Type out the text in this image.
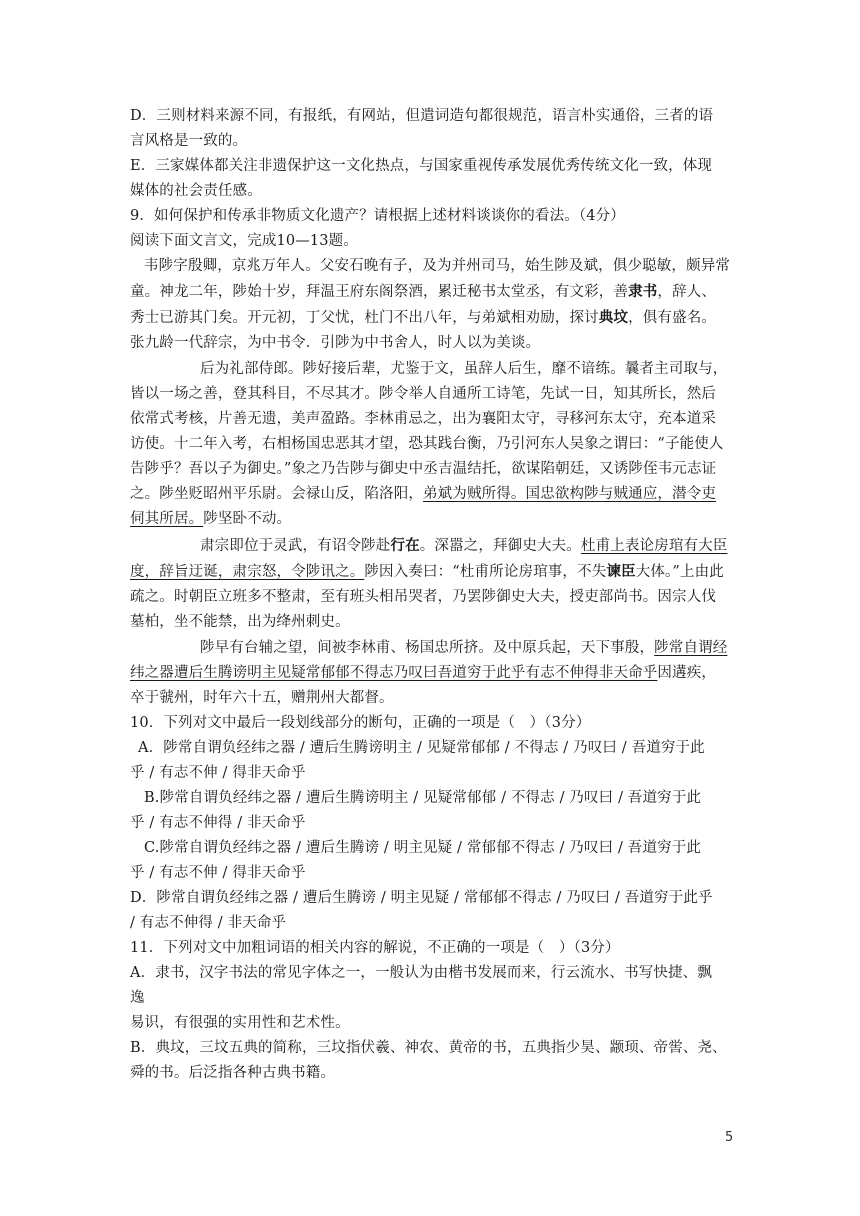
D．三则材料来源不同，有报纸，有网站，但遣词造句都很规范，语言朴实通俗，三者的语

言风格是一致的。

E．三家媒体都关注非遗保护这一文化热点，与国家重视传承发展优秀传统文化一致，体现

媒体的社会责任感。

9．如何保护和传承非物质文化遗产？请根据上述材料谈谈你的看法。（4分）

阅读下面文言文，完成10—13题。

韦陟字殷卿，京兆万年人。父安石晚有子，及为并州司马，始生陟及斌，俱少聪敏，颇异常童。神龙二年，陟始十岁，拜温王府东阁祭酒，累迁秘书太堂丞，有文彩，善隶书，辞人、秀士已游其门矣。开元初，丁父忧，杜门不出八年，与弟斌相劝励，探讨典坟，俱有盛名。张九龄一代辞宗，为中书令．引陟为中书舍人，时人以为美谈。

后为礼部侍郎。陟好接后辈，尤鉴于文，虽辞人后生，靡不谙练。曩者主司取与，皆以一场之善，登其科目，不尽其才。陟令举人自通所工诗笔，先试一日，知其所长，然后依常式考核，片善无遗，美声盈路。李林甫忌之，出为襄阳太守，寻移河东太守，充本道采访使。十二年入考，右相杨国忠恶其才望，恐其践台衡，乃引河东人吴象之谓曰：“子能使人告陟乎？吾以子为御史。”象之乃告陟与御史中丞吉温结托，欲谋陷朝廷，又诱陟侄韦元志证之。陟坐贬昭州平乐尉。会禄山反，陷洛阳，弟斌为贼所得。国忠欲构陟与贼通应，潜令吏伺其所居。陟坚卧不动。

肃宗即位于灵武，有诏令陟赴行在。深嚣之，拜御史大夫。杜甫上表论房琯有大臣度，辞旨迂诞，肃宗怒，令陟讯之。陟因入奏曰：“杜甫所论房琯事，不失谏臣大体。”上由此疏之。时朝臣立班多不整肃，至有班头相吊哭者，乃罢陟御史大夫，授吏部尚书。因宗人伐墓柏，坐不能禁，出为绛州刺史。

陟早有台辅之望，间被李林甫、杨国忠所挤。及中原兵起，天下事殷，陟常自谓经纬之器遭后生腾谤明主见疑常郁郁不得志乃叹曰吾道穷于此乎有志不伸得非天命乎因遘疾，卒于虢州，时年六十五，赠荆州大都督。

10．下列对文中最后一段划线部分的断句，正确的一项是（　）（3分）

A．陟常自谓负经纬之器 / 遭后生腾谤明主 / 见疑常郁郁 / 不得志 / 乃叹曰 / 吾道穷于此

乎 / 有志不伸 / 得非天命乎

B.陟常自谓负经纬之器 / 遭后生腾谤明主 / 见疑常郁郁 / 不得志 / 乃叹曰 / 吾道穷于此

乎 / 有志不伸得 / 非天命乎

C.陟常自谓负经纬之器 / 遭后生腾谤 / 明主见疑 / 常郁郁不得志 / 乃叹曰 / 吾道穷于此

乎 / 有志不伸 / 得非天命乎

D．陟常自谓负经纬之器 / 遭后生腾谤 / 明主见疑 / 常郁郁不得志 / 乃叹曰 / 吾道穷于此乎

/ 有志不伸得 / 非天命乎

11．下列对文中加粗词语的相关内容的解说，不正确的一项是（　）（3分）

A．隶书，汉字书法的常见字体之一，一般认为由楷书发展而来，行云流水、书写快捷、飘

逸

易识，有很强的实用性和艺术性。

B．典坟，三坟五典的简称，三坟指伏羲、神农、黄帝的书，五典指少昊、颛顼、帝喾、尧、

舜的书。后泛指各种古典书籍。

5
